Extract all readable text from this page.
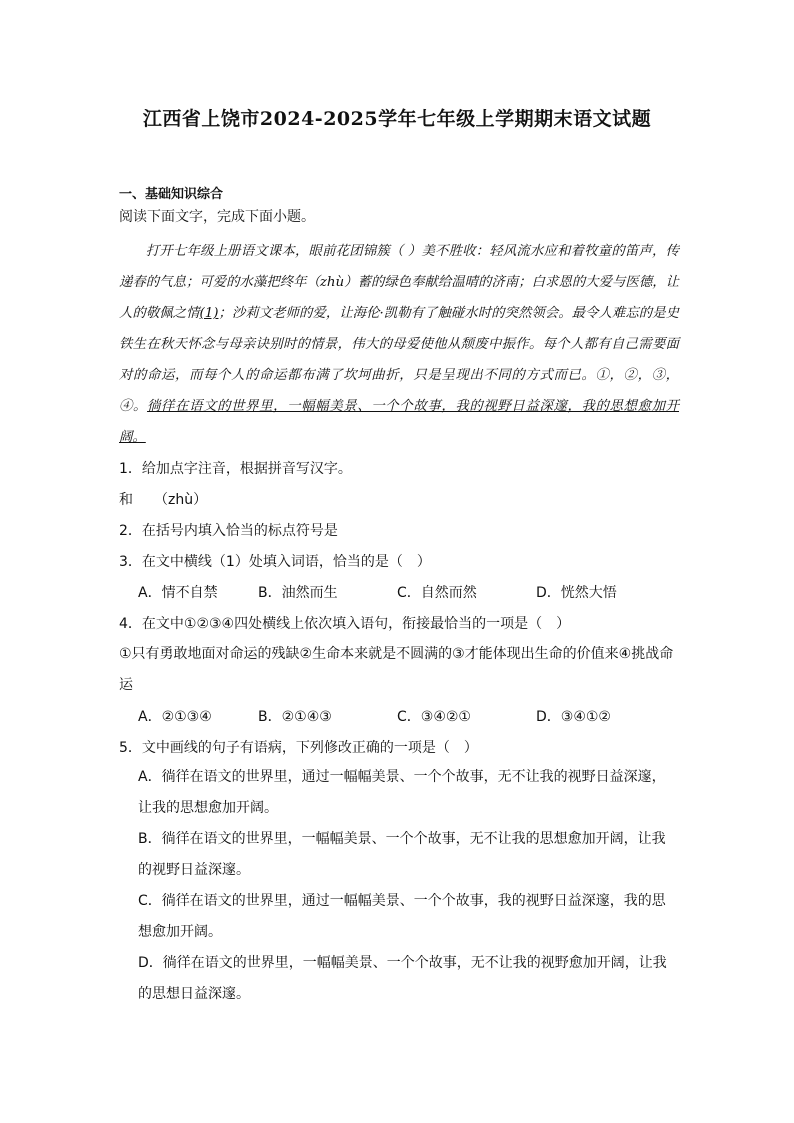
江西省上饶市2024-2025学年七年级上学期期末语文试题
一、基础知识综合
阅读下面文字，完成下面小题。

打开七年级上册语文课本，眼前花团锦簇（ ）美不胜收：轻风流水应和着牧童的笛声，传递春的气息；可爱的水藻把终年（zhù）蓄的绿色奉献给温晴的济南；白求恩的大爱与医德，让人的敬佩之情(1)；沙莉文老师的爱，让海伦·凯勒有了触碰水时的突然领会。最令人难忘的是史铁生在秋天怀念与母亲诀别时的情景，伟大的母爱使他从颓废中振作。每个人都有自己需要面对的命运，而每个人的命运都布满了坎坷曲折，只是呈现出不同的方式而已。①，②，③，④。徜徉在语文的世界里，一幅幅美景、一个个故事，我的视野日益深邃，我的思想愈加开阔。

1．给加点字注音，根据拼音写汉字。
和　　（zhù）
2．在括号内填入恰当的标点符号是
3．在文中横线（1）处填入词语，恰当的是（　）
A．情不自禁	B．油然而生	C．自然而然	D．恍然大悟
4．在文中①②③④四处横线上依次填入语句，衔接最恰当的一项是（　）
①只有勇敢地面对命运的残缺②生命本来就是不圆满的③才能体现出生命的价值来④挑战命运
A．②①③④	B．②①④③	C．③④②①	D．③④①②
5．文中画线的句子有语病，下列修改正确的一项是（　）
A．徜徉在语文的世界里，通过一幅幅美景、一个个故事，无不让我的视野日益深邃，让我的思想愈加开阔。
B．徜徉在语文的世界里，一幅幅美景、一个个故事，无不让我的思想愈加开阔，让我的视野日益深邃。
C．徜徉在语文的世界里，通过一幅幅美景、一个个故事，我的视野日益深邃，我的思想愈加开阔。
D．徜徉在语文的世界里，一幅幅美景、一个个故事，无不让我的视野愈加开阔，让我的思想日益深邃。
